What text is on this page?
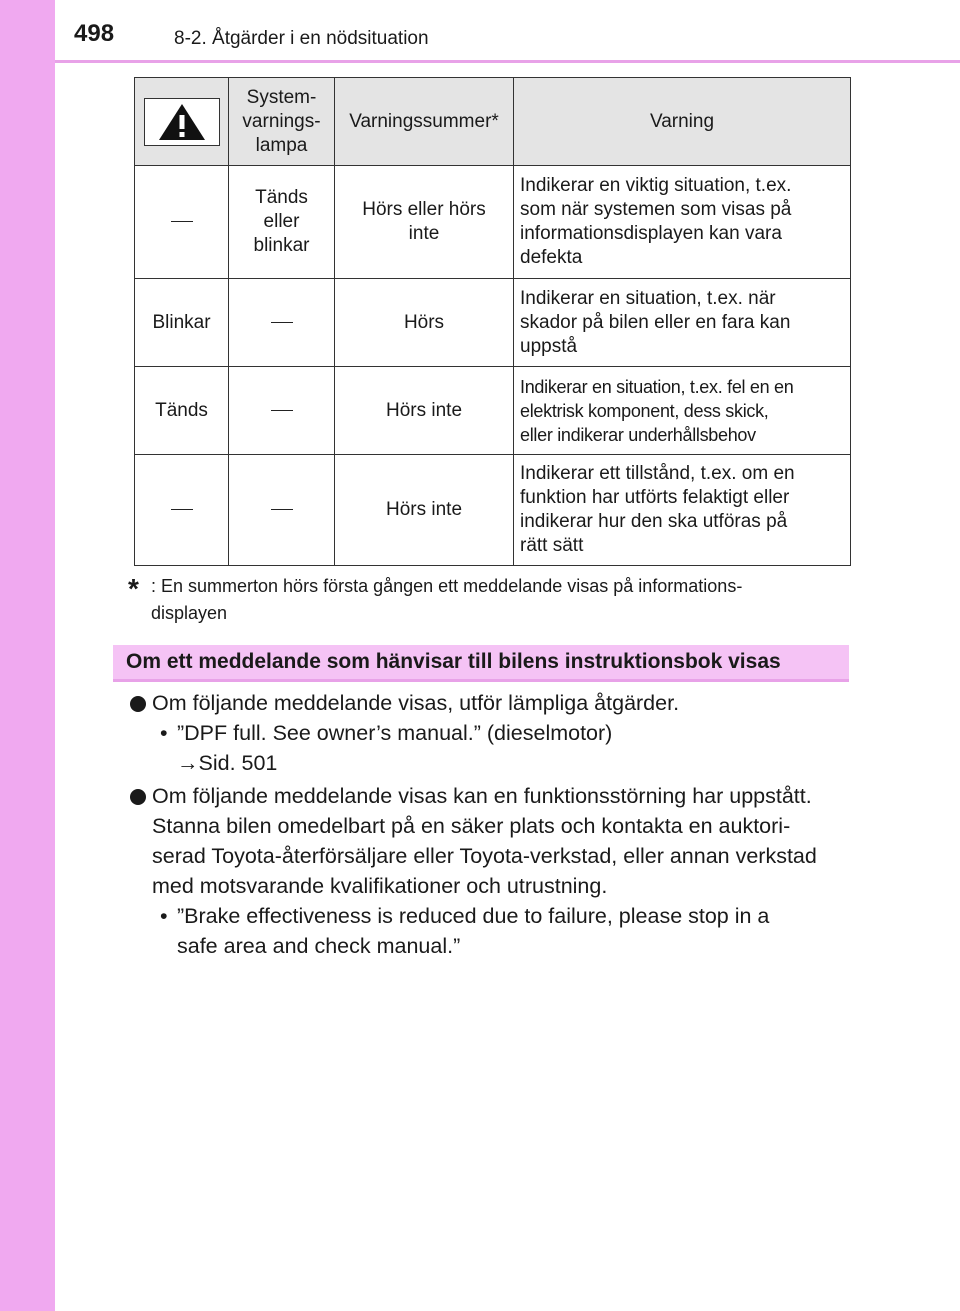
498	8-2. Åtgärder i en nödsituation
	System-
varnings-
lampa	Varningssummer*	Varning
	Tänds
eller
blinkar	Hörs eller hörs
inte	Indikerar en viktig situation, t.ex.
som när systemen som visas på
informationsdisplayen kan vara
defekta

Blinkar		Hörs	Indikerar en situation, t.ex. när
skador på bilen eller en fara kan
uppstå

Tänds		Hörs inte	Indikerar en situation, t.ex. fel en en
elektrisk komponent, dess skick,
eller indikerar underhållsbehov

		Hörs inte	Indikerar ett tillstånd, t.ex. om en
funktion har utförts felaktigt eller
indikerar hur den ska utföras på
rätt sätt
* : En summerton hörs första gången ett meddelande visas på informations-
displayen
Om ett meddelande som hänvisar till bilens instruktionsbok visas
Om följande meddelande visas, utför lämpliga åtgärder.
• ”DPF full. See owner’s manual.” (dieselmotor)
→Sid. 501
Om följande meddelande visas kan en funktionsstörning har uppstått.
Stanna bilen omedelbart på en säker plats och kontakta en auktori-
serad Toyota-återförsäljare eller Toyota-verkstad, eller annan verkstad
med motsvarande kvalifikationer och utrustning.
• ”Brake effectiveness is reduced due to failure, please stop in a
safe area and check manual.”
